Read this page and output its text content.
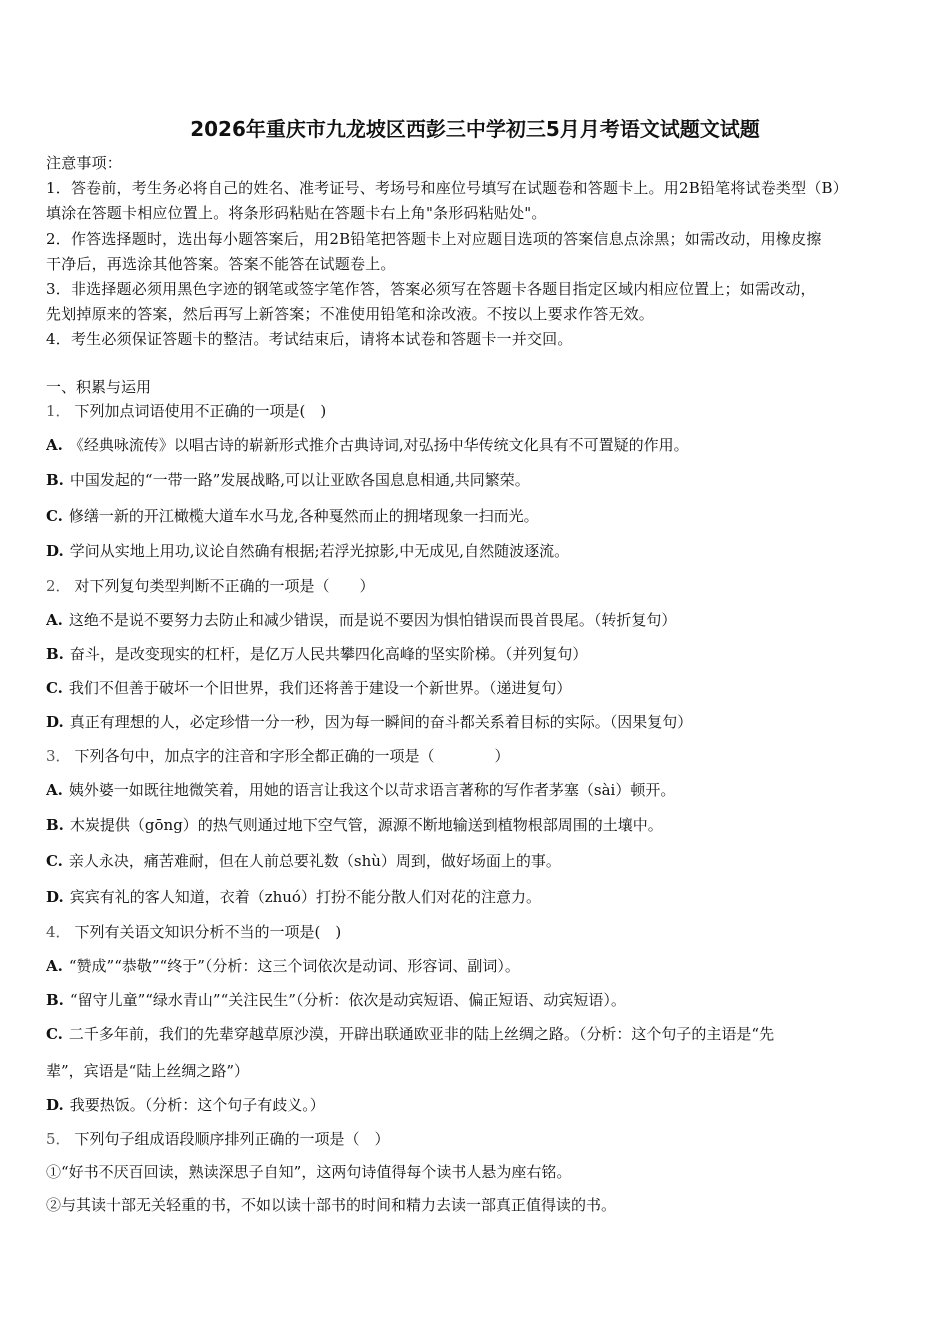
2026年重庆市九龙坡区西彭三中学初三5月月考语文试题文试题
注意事项：
1．答卷前，考生务必将自己的姓名、准考证号、考场号和座位号填写在试题卷和答题卡上。用2B铅笔将试卷类型（B）
填涂在答题卡相应位置上。将条形码粘贴在答题卡右上角"条形码粘贴处"。
2．作答选择题时，选出每小题答案后，用2B铅笔把答题卡上对应题目选项的答案信息点涂黑；如需改动，用橡皮擦
干净后，再选涂其他答案。答案不能答在试题卷上。
3．非选择题必须用黑色字迹的钢笔或签字笔作答，答案必须写在答题卡各题目指定区域内相应位置上；如需改动，
先划掉原来的答案，然后再写上新答案；不准使用铅笔和涂改液。不按以上要求作答无效。
4．考生必须保证答题卡的整洁。考试结束后，请将本试卷和答题卡一并交回。
一、积累与运用
1． 下列加点词语使用不正确的一项是(　)
A. 《经典咏流传》以唱古诗的崭新形式推介古典诗词,对弘扬中华传统文化具有不可置疑的作用。
B. 中国发起的“一带一路”发展战略,可以让亚欧各国息息相通,共同繁荣。
C. 修缮一新的开江橄榄大道车水马龙,各种戛然而止的拥堵现象一扫而光。
D. 学问从实地上用功,议论自然确有根据;若浮光掠影,中无成见,自然随波逐流。
2． 对下列复句类型判断不正确的一项是（　　）
A. 这绝不是说不要努力去防止和减少错误，而是说不要因为惧怕错误而畏首畏尾。（转折复句）
B. 奋斗，是改变现实的杠杆，是亿万人民共攀四化高峰的坚实阶梯。（并列复句）
C. 我们不但善于破坏一个旧世界，我们还将善于建设一个新世界。（递进复句）
D. 真正有理想的人，必定珍惜一分一秒，因为每一瞬间的奋斗都关系着目标的实际。（因果复句）
3． 下列各句中，加点字的注音和字形全都正确的一项是（　　　　）
A. 姨外婆一如既往地微笑着，用她的语言让我这个以苛求语言著称的写作者茅塞（sài）顿开。
B. 木炭提供（gōng）的热气则通过地下空气管，源源不断地输送到植物根部周围的土壤中。
C. 亲人永决，痛苦难耐，但在人前总要礼数（shù）周到，做好场面上的事。
D. 宾宾有礼的客人知道，衣着（zhuó）打扮不能分散人们对花的注意力。
4． 下列有关语文知识分析不当的一项是(　)
A. “赞成”“恭敬”“终于”（分析：这三个词依次是动词、形容词、副词）。
B. “留守儿童”“绿水青山”“关注民生”（分析：依次是动宾短语、偏正短语、动宾短语）。
C. 二千多年前，我们的先辈穿越草原沙漠，开辟出联通欧亚非的陆上丝绸之路。（分析：这个句子的主语是“先
辈”，宾语是“陆上丝绸之路”）
D. 我要热饭。（分析：这个句子有歧义。）
5． 下列句子组成语段顺序排列正确的一项是（　）
①“好书不厌百回读，熟读深思子自知”，这两句诗值得每个读书人悬为座右铭。
②与其读十部无关轻重的书，不如以读十部书的时间和精力去读一部真正值得读的书。
